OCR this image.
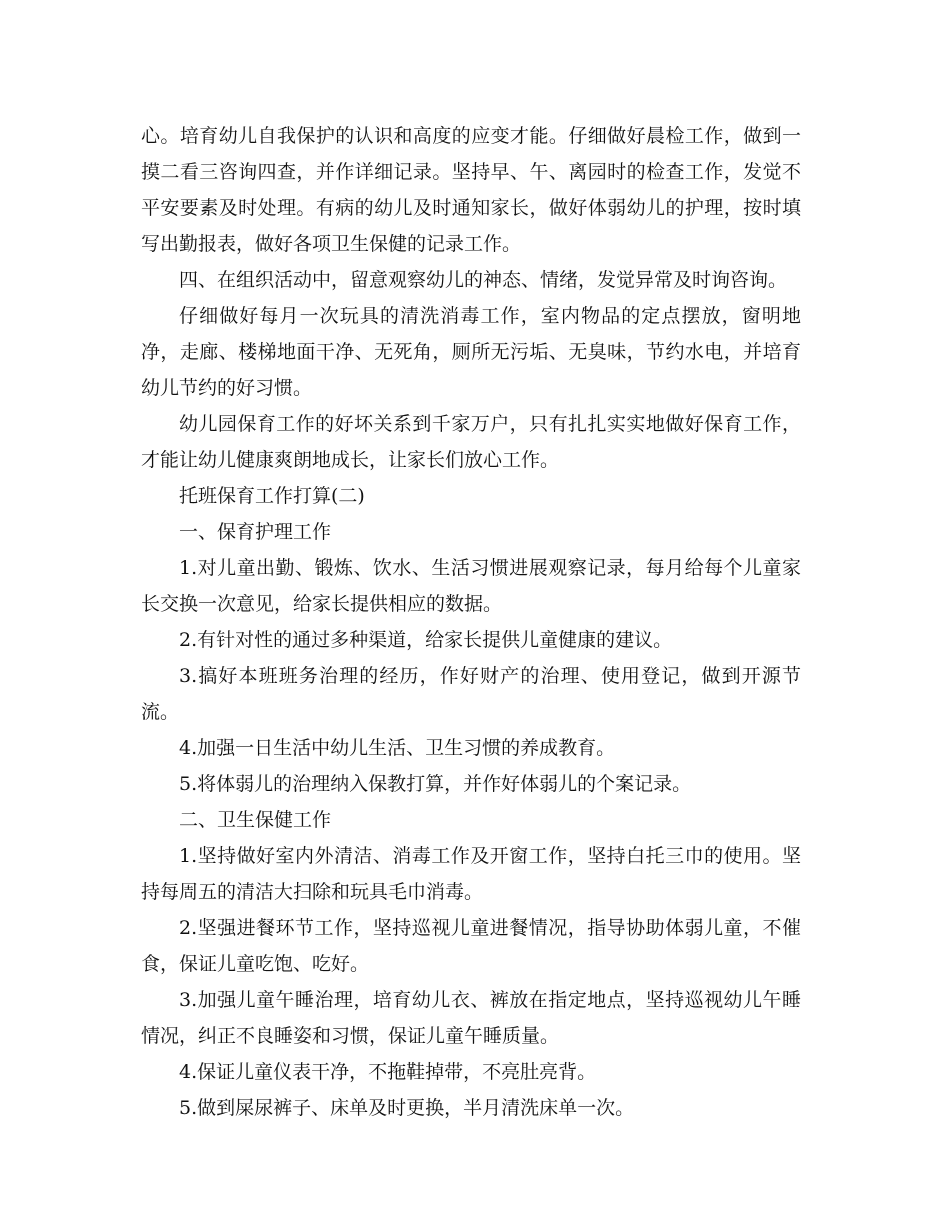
心。培育幼儿自我保护的认识和高度的应变才能。仔细做好晨检工作，做到一摸二看三咨询四查，并作详细记录。坚持早、午、离园时的检查工作，发觉不平安要素及时处理。有病的幼儿及时通知家长，做好体弱幼儿的护理，按时填写出勤报表，做好各项卫生保健的记录工作。

四、在组织活动中，留意观察幼儿的神态、情绪，发觉异常及时询咨询。

仔细做好每月一次玩具的清洗消毒工作，室内物品的定点摆放，窗明地净，走廊、楼梯地面干净、无死角，厕所无污垢、无臭味，节约水电，并培育幼儿节约的好习惯。

幼儿园保育工作的好坏关系到千家万户，只有扎扎实实地做好保育工作，才能让幼儿健康爽朗地成长，让家长们放心工作。

托班保育工作打算(二)

一、保育护理工作

1.对儿童出勤、锻炼、饮水、生活习惯进展观察记录，每月给每个儿童家长交换一次意见，给家长提供相应的数据。

2.有针对性的通过多种渠道，给家长提供儿童健康的建议。

3.搞好本班班务治理的经历，作好财产的治理、使用登记，做到开源节流。

4.加强一日生活中幼儿生活、卫生习惯的养成教育。

5.将体弱儿的治理纳入保教打算，并作好体弱儿的个案记录。

二、卫生保健工作

1.坚持做好室内外清洁、消毒工作及开窗工作，坚持白托三巾的使用。坚持每周五的清洁大扫除和玩具毛巾消毒。

2.坚强进餐环节工作，坚持巡视儿童进餐情况，指导协助体弱儿童，不催食，保证儿童吃饱、吃好。

3.加强儿童午睡治理，培育幼儿衣、裤放在指定地点，坚持巡视幼儿午睡情况，纠正不良睡姿和习惯，保证儿童午睡质量。

4.保证儿童仪表干净，不拖鞋掉带，不亮肚亮背。

5.做到屎尿裤子、床单及时更换，半月清洗床单一次。
